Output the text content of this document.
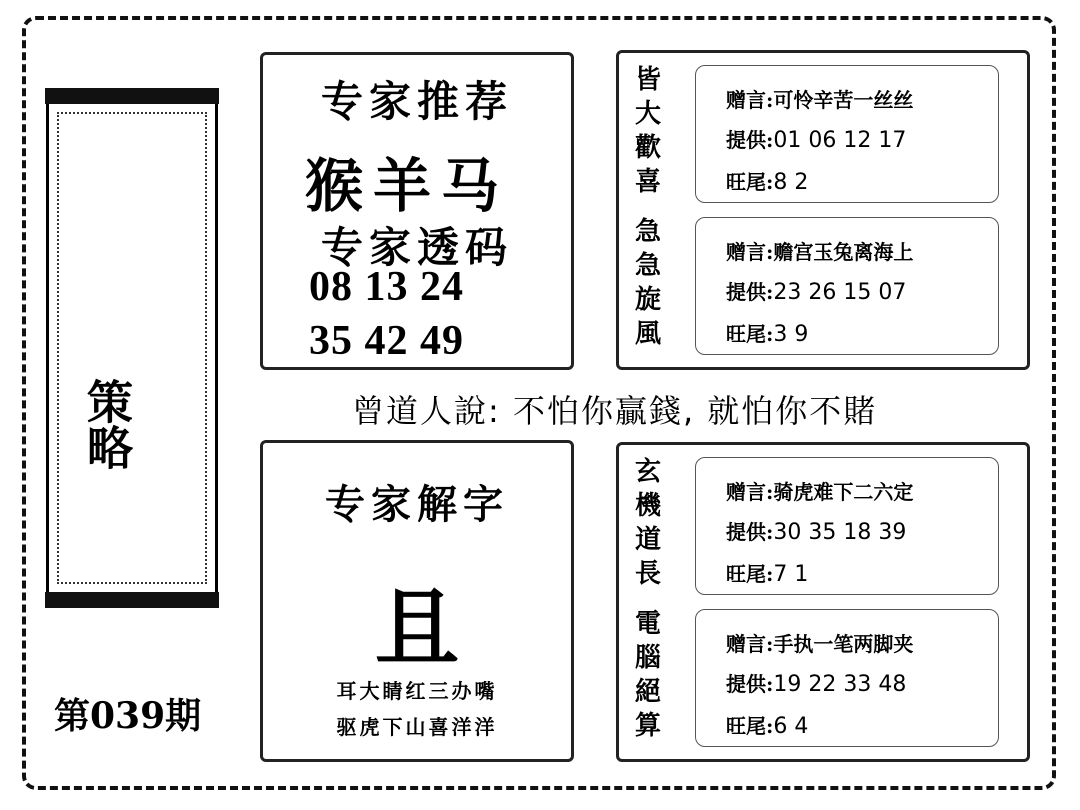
策略
第039期
专家推荐
猴羊马
专家透码
08 13 24
35 42 49
曾道人說: 不怕你贏錢, 就怕你不賭
专家解字
且
耳大睛红三办嘴
驱虎下山喜洋洋
皆大歡喜
急急旋風
赠言:可怜辛苦一丝丝
提供:01 06 12 17
旺尾:8 2
赠言:赡宫玉兔离海上
提供:23 26 15 07
旺尾:3 9
玄機道長
電腦絕算
赠言:骑虎难下二六定
提供:30 35 18 39
旺尾:7 1
赠言:手执一笔两脚夹
提供:19 22 33 48
旺尾:6 4
